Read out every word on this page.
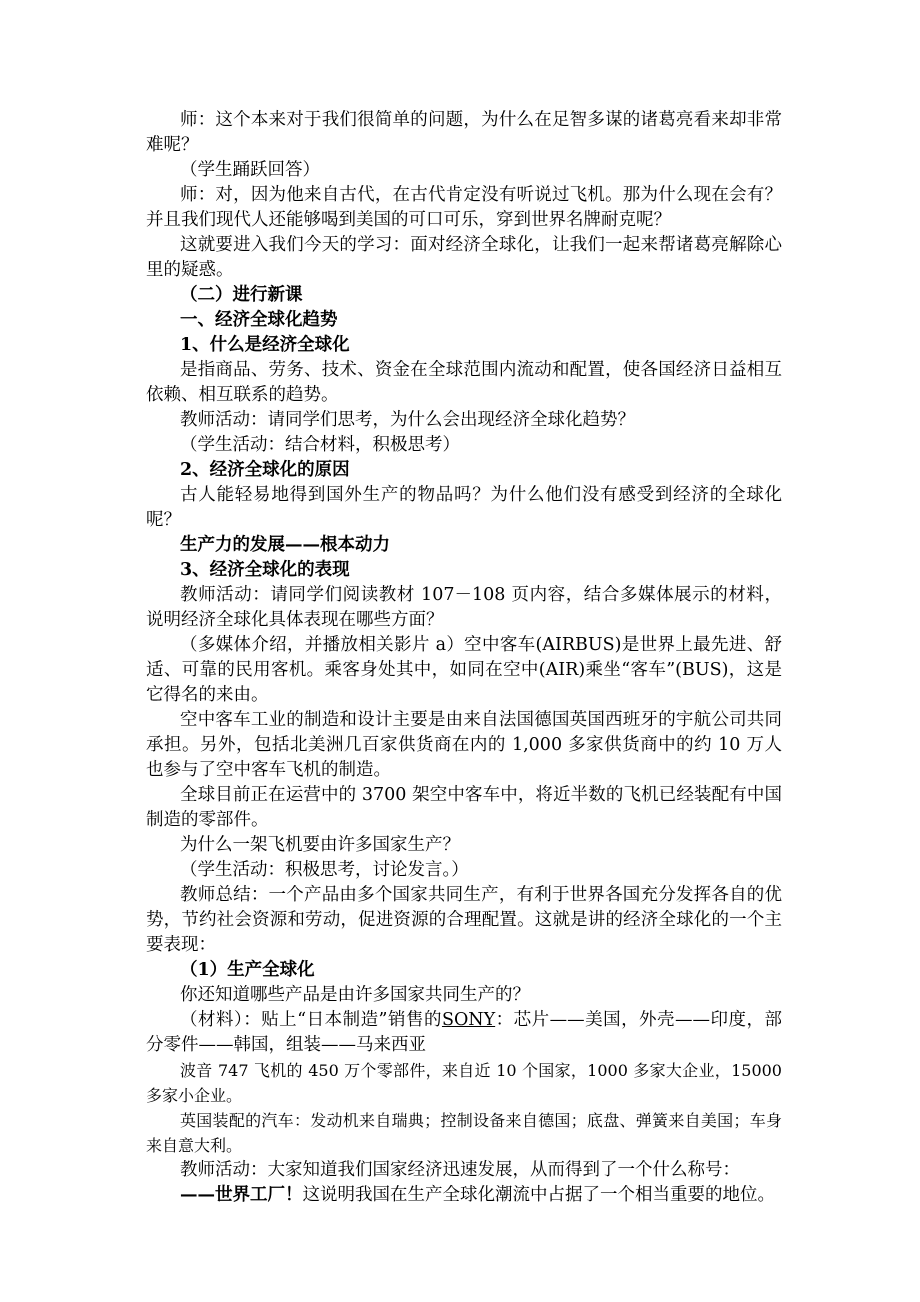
师：这个本来对于我们很简单的问题，为什么在足智多谋的诸葛亮看来却非常难呢？

（学生踊跃回答）

师：对，因为他来自古代，在古代肯定没有听说过飞机。那为什么现在会有？并且我们现代人还能够喝到美国的可口可乐，穿到世界名牌耐克呢？

这就要进入我们今天的学习：面对经济全球化，让我们一起来帮诸葛亮解除心里的疑惑。

（二）进行新课

一、经济全球化趋势

1、什么是经济全球化

是指商品、劳务、技术、资金在全球范围内流动和配置，使各国经济日益相互依赖、相互联系的趋势。

教师活动：请同学们思考，为什么会出现经济全球化趋势？

（学生活动：结合材料，积极思考）

2、经济全球化的原因

古人能轻易地得到国外生产的物品吗？为什么他们没有感受到经济的全球化呢？

生产力的发展——根本动力

3、经济全球化的表现

教师活动：请同学们阅读教材 107－108 页内容，结合多媒体展示的材料，说明经济全球化具体表现在哪些方面？

（多媒体介绍，并播放相关影片 a）空中客车(AIRBUS)是世界上最先进、舒适、可靠的民用客机。乘客身处其中，如同在空中(AIR)乘坐“客车”(BUS)，这是它得名的来由。

空中客车工业的制造和设计主要是由来自法国德国英国西班牙的宇航公司共同承担。另外，包括北美洲几百家供货商在内的 1,000 多家供货商中的约 10 万人也参与了空中客车飞机的制造。

全球目前正在运营中的 3700 架空中客车中，将近半数的飞机已经装配有中国制造的零部件。

为什么一架飞机要由许多国家生产？

（学生活动：积极思考，讨论发言。）

教师总结：一个产品由多个国家共同生产，有利于世界各国充分发挥各自的优势，节约社会资源和劳动，促进资源的合理配置。这就是讲的经济全球化的一个主要表现：

（1）生产全球化

你还知道哪些产品是由许多国家共同生产的？

（材料）：贴上“日本制造”销售的SONY：芯片——美国，外壳——印度，部分零件——韩国，组装——马来西亚

波音 747 飞机的 450 万个零部件，来自近 10 个国家，1000 多家大企业，15000 多家小企业。

英国装配的汽车：发动机来自瑞典；控制设备来自德国；底盘、弹簧来自美国；车身来自意大利。

教师活动：大家知道我们国家经济迅速发展，从而得到了一个什么称号：

——世界工厂！这说明我国在生产全球化潮流中占据了一个相当重要的地位。
